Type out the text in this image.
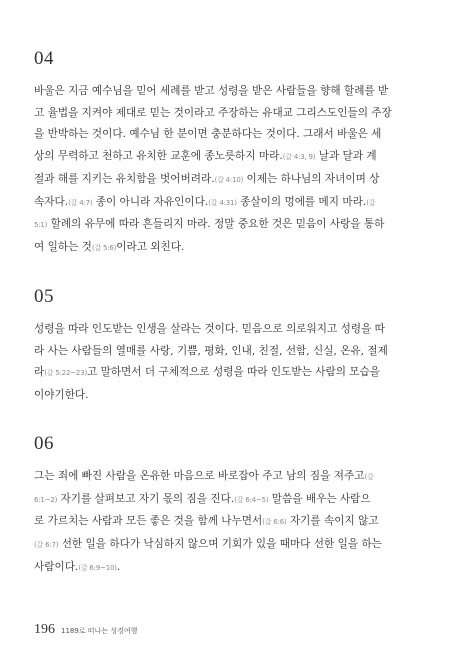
04

바울은 지금 예수님을 믿어 세례를 받고 성령을 받은 사람들을 향해 할례를 받
고 율법을 지켜야 제대로 믿는 것이라고 주장하는 유대교 그리스도인들의 주장
을 반박하는 것이다. 예수님 한 분이면 충분하다는 것이다. 그래서 바울은 세
상의 무력하고 천하고 유치한 교훈에 종노릇하지 마라.(갈 4:3, 9) 날과 달과 계
절과 해를 지키는 유치함을 벗어버려라.(갈 4:10) 이제는 하나님의 자녀이며 상
속자다.(갈 4:7) 종이 아니라 자유인이다.(갈 4:31) 종살이의 멍에를 메지 마라.(갈
5:1) 할례의 유무에 따라 흔들리지 마라. 정말 중요한 것은 믿음이 사랑을 통하
여 일하는 것(갈 5:6)이라고 외친다.

05

성령을 따라 인도받는 인생을 살라는 것이다. 믿음으로 의로워지고 성령을 따
라 사는 사람들의 열매를 사랑, 기쁨, 평화, 인내, 친절, 선함, 신실, 온유, 절제
라(갈 5:22~23)고 말하면서 더 구체적으로 성령을 따라 인도받는 사람의 모습을
이야기한다.

06

그는 죄에 빠진 사람을 온유한 마음으로 바로잡아 주고 남의 짐을 져주고(갈
6:1~2) 자기를 살펴보고 자기 몫의 짐을 진다.(갈 6:4~5) 말씀을 배우는 사람으
로 가르치는 사람과 모든 좋은 것을 함께 나누면서(갈 6:6) 자기를 속이지 않고
(갈 6:7) 선한 일을 하다가 낙심하지 않으며 기회가 있을 때마다 선한 일을 하는
사람이다.(갈 6:9~10).

196 1189로 떠나는 성경여행
